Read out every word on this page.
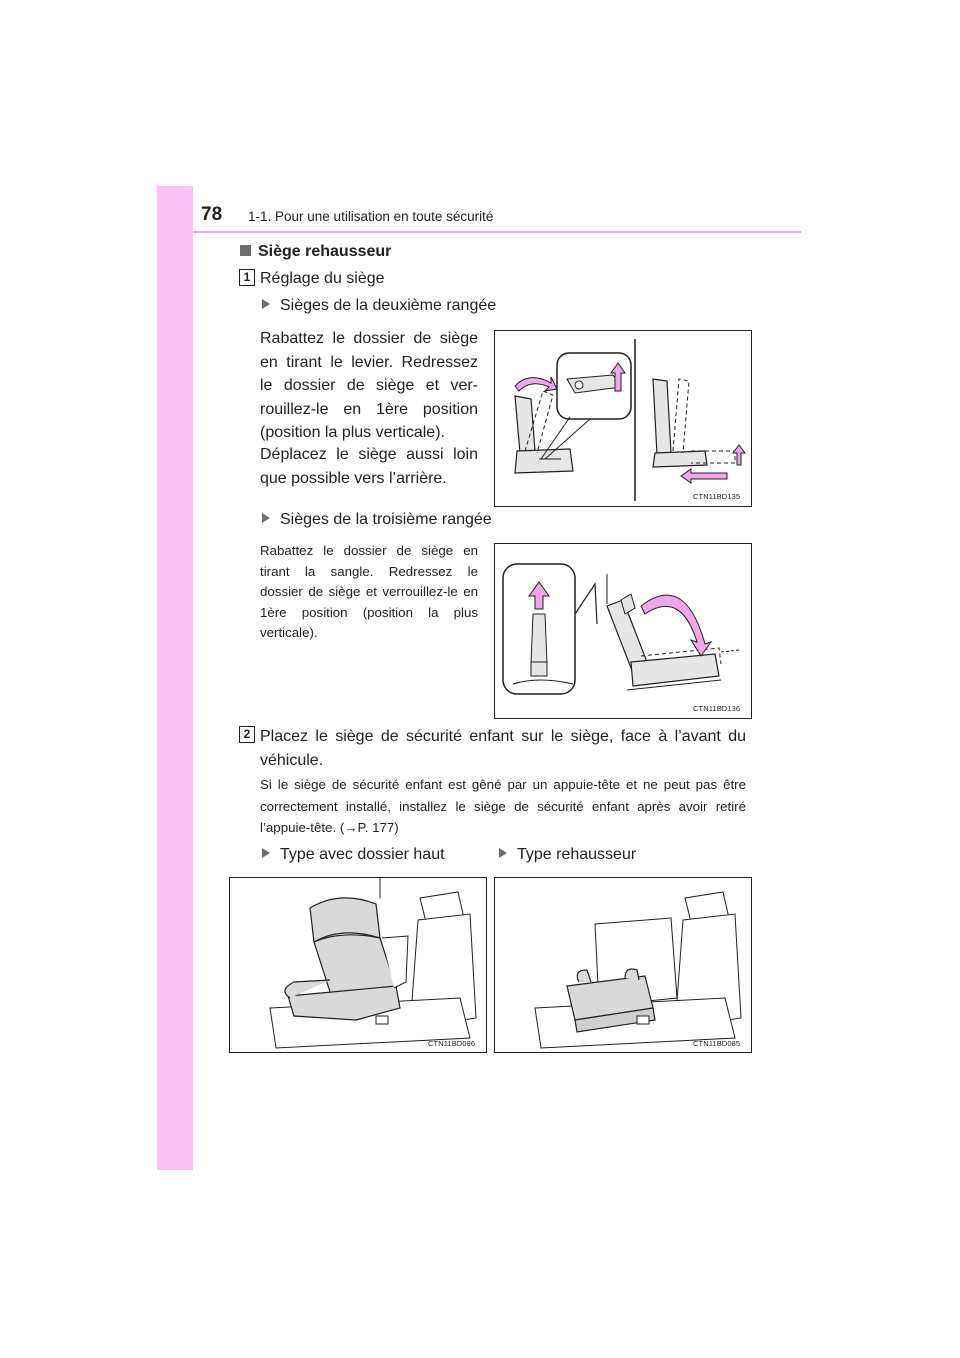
78 1-1. Pour une utilisation en toute sécurité
Siège rehausseur
1 Réglage du siège
Sièges de la deuxième rangée
Rabattez le dossier de siège en tirant le levier. Redressez le dossier de siège et ver-rouillez-le en 1ère position (position la plus verticale).
Déplacez le siège aussi loin que possible vers l’arrière.
CTN11BD135
Sièges de la troisième rangée
Rabattez le dossier de siège en tirant la sangle. Redressez le dossier de siège et verrouillez-le en 1ère position (position la plus verticale).
CTN11BD136
2 Placez le siège de sécurité enfant sur le siège, face à l’avant du véhicule.
Si le siège de sécurité enfant est gêné par un appuie-tête et ne peut pas être correctement installé, installez le siège de sécurité enfant après avoir retiré l’appuie-tête. (→P. 177)
Type avec dossier haut	Type rehausseur
CTN11BD086	CTN11BD085
